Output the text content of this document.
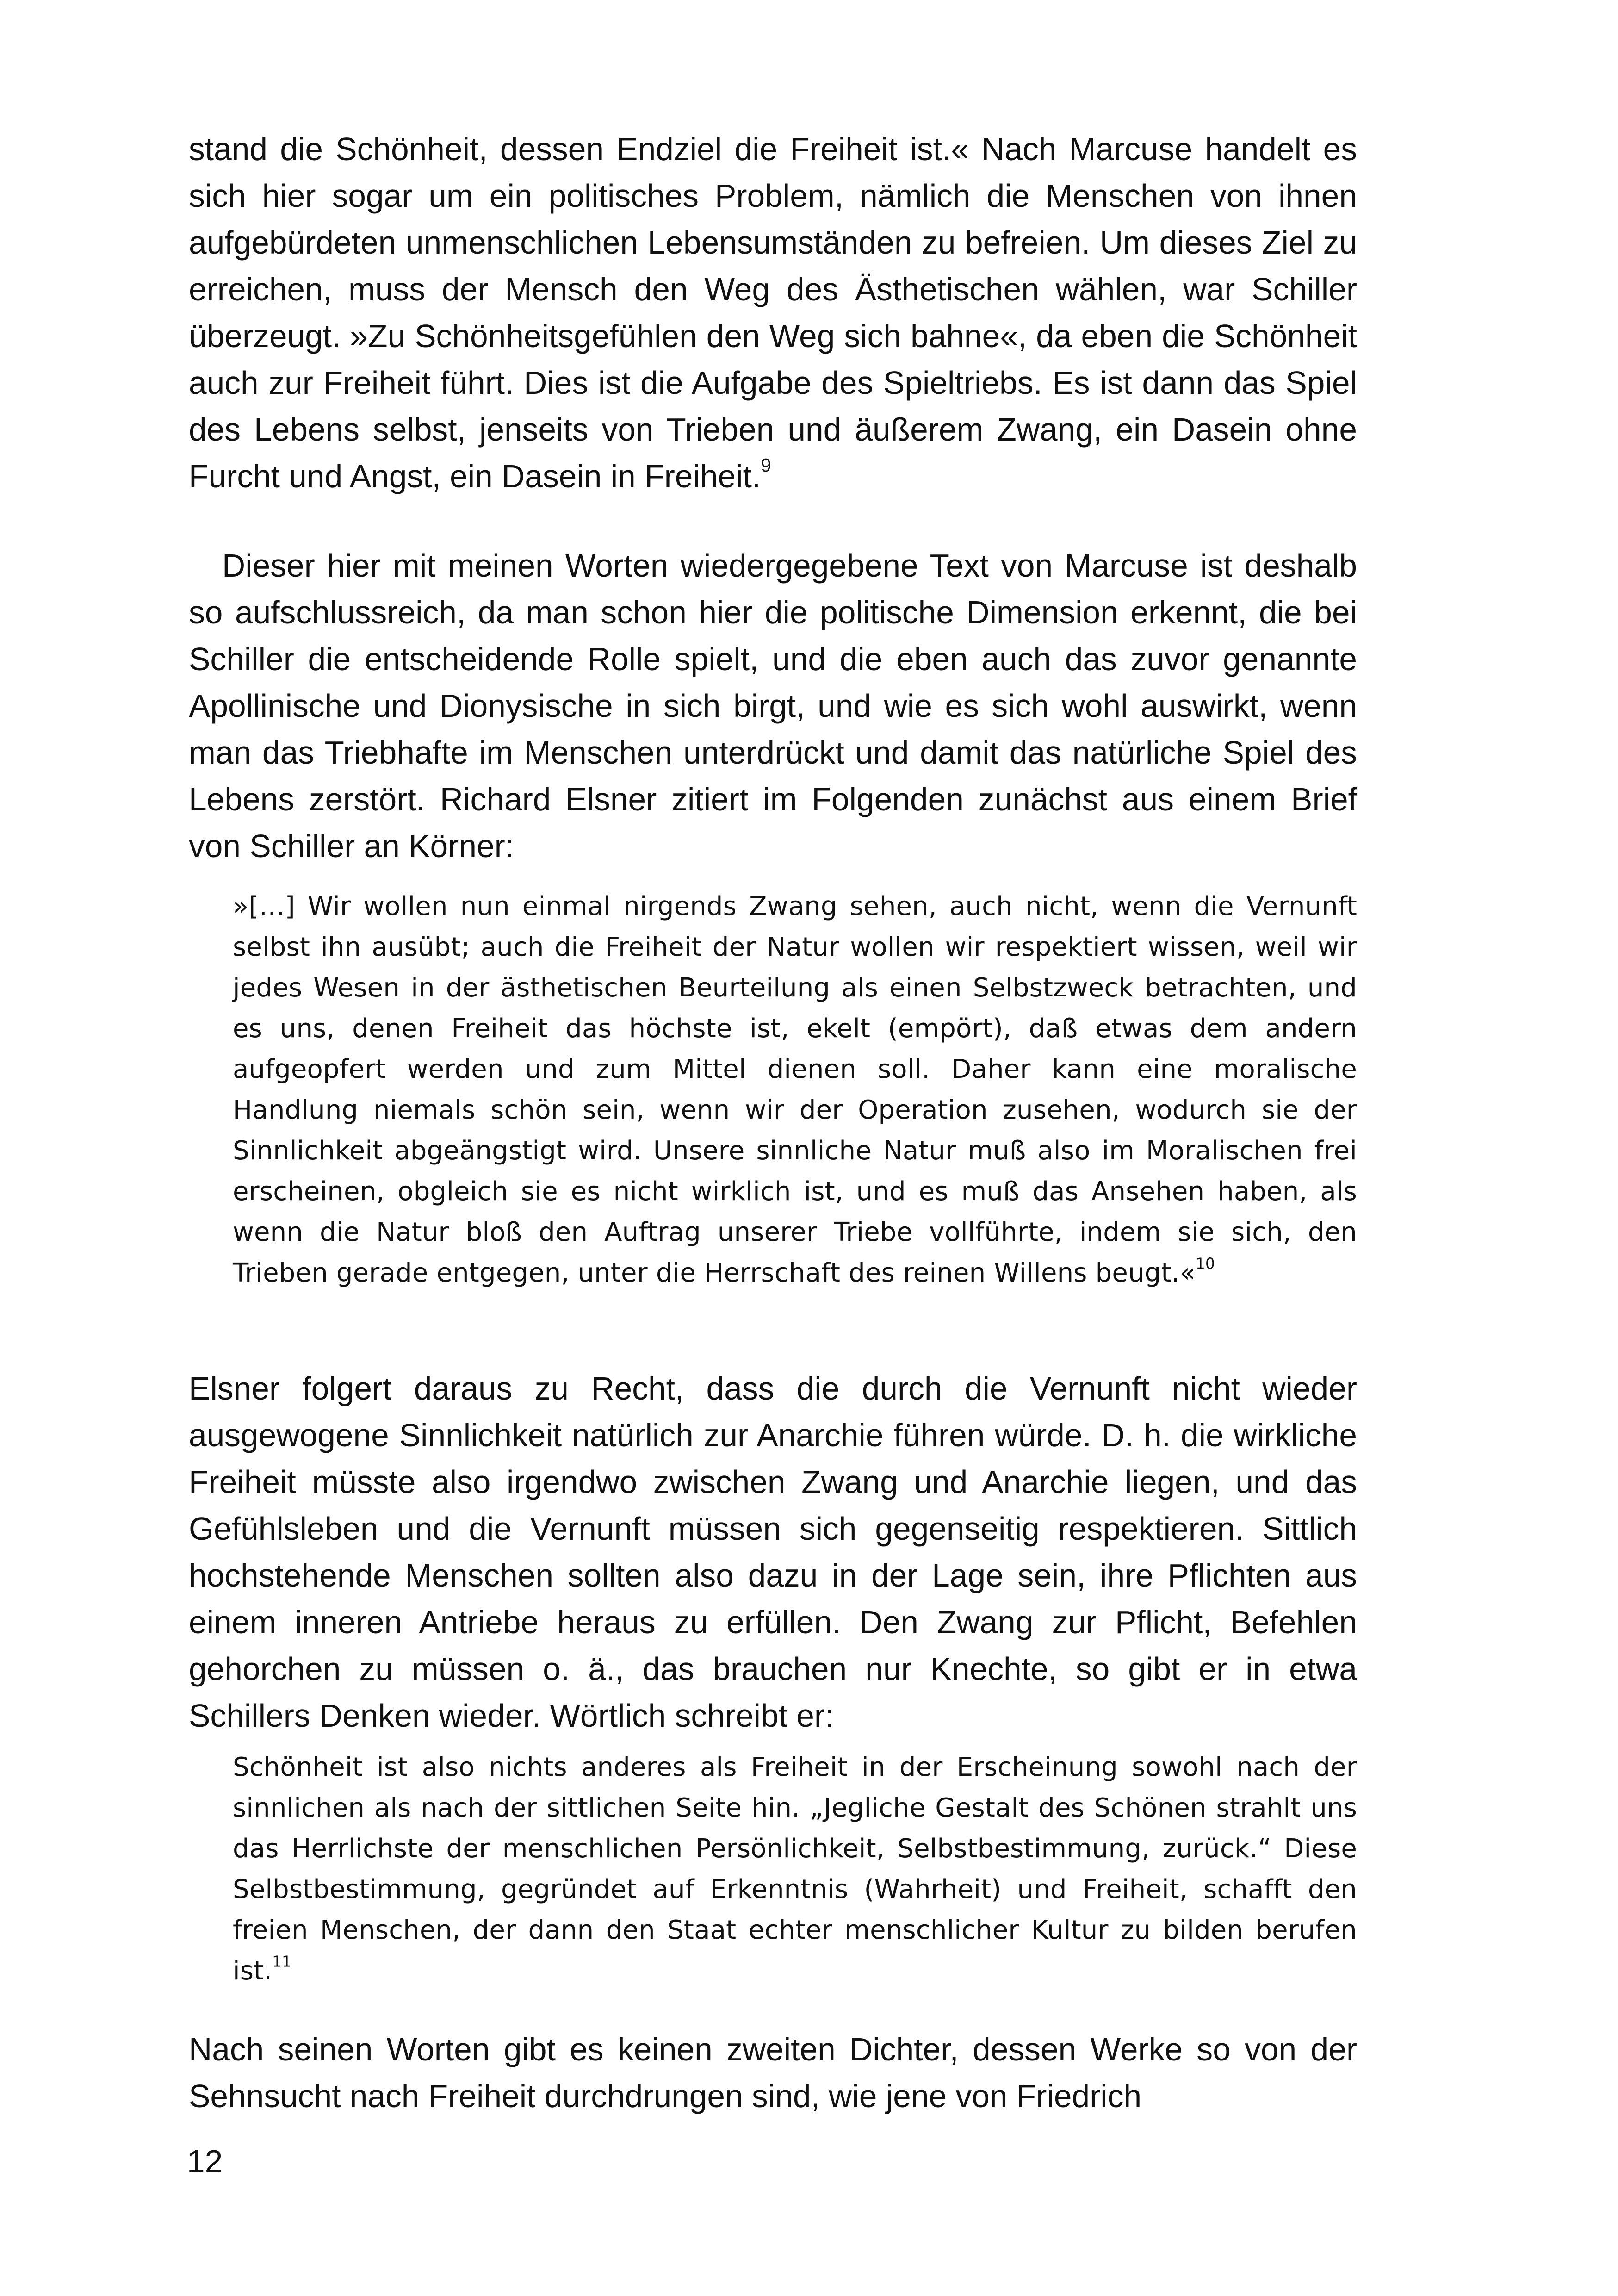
stand die Schönheit, dessen Endziel die Freiheit ist.« Nach Marcuse handelt es sich hier sogar um ein politisches Problem, nämlich die Menschen von ihnen aufgebürdeten unmenschlichen Lebensumständen zu befreien. Um dieses Ziel zu erreichen, muss der Mensch den Weg des Ästhetischen wählen, war Schiller überzeugt. »Zu Schönheitsgefühlen den Weg sich bahne«, da eben die Schönheit auch zur Freiheit führt. Dies ist die Aufgabe des Spieltriebs. Es ist dann das Spiel des Lebens selbst, jenseits von Trieben und äußerem Zwang, ein Dasein ohne Furcht und Angst, ein Dasein in Freiheit.$^9$

Dieser hier mit meinen Worten wiedergegebene Text von Marcuse ist deshalb so aufschlussreich, da man schon hier die politische Dimension erkennt, die bei Schiller die entscheidende Rolle spielt, und die eben auch das zuvor genannte Apollinische und Dionysische in sich birgt, und wie es sich wohl auswirkt, wenn man das Triebhafte im Menschen unterdrückt und damit das natürliche Spiel des Lebens zerstört. Richard Elsner zitiert im Folgenden zunächst aus einem Brief von Schiller an Körner:

»[…] Wir wollen nun einmal nirgends Zwang sehen, auch nicht, wenn die Vernunft selbst ihn ausübt; auch die Freiheit der Natur wollen wir respektiert wissen, weil wir jedes Wesen in der ästhetischen Beurteilung als einen Selbstzweck betrachten, und es uns, denen Freiheit das höchste ist, ekelt (empört), daß etwas dem andern aufgeopfert werden und zum Mittel dienen soll. Daher kann eine moralische Handlung niemals schön sein, wenn wir der Operation zusehen, wodurch sie der Sinnlichkeit abgeängstigt wird. Unsere sinnliche Natur muß also im Moralischen frei erscheinen, obgleich sie es nicht wirklich ist, und es muß das Ansehen haben, als wenn die Natur bloß den Auftrag unserer Triebe vollführte, indem sie sich, den Trieben gerade entgegen, unter die Herrschaft des reinen Willens beugt.«$^{10}$

Elsner folgert daraus zu Recht, dass die durch die Vernunft nicht wieder ausgewogene Sinnlichkeit natürlich zur Anarchie führen würde. D. h. die wirkliche Freiheit müsste also irgendwo zwischen Zwang und Anarchie liegen, und das Gefühlsleben und die Vernunft müssen sich gegenseitig respektieren. Sittlich hochstehende Menschen sollten also dazu in der Lage sein, ihre Pflichten aus einem inneren Antriebe heraus zu erfüllen. Den Zwang zur Pflicht, Befehlen gehorchen zu müssen o. ä., das brauchen nur Knechte, so gibt er in etwa Schillers Denken wieder. Wörtlich schreibt er:

Schönheit ist also nichts anderes als Freiheit in der Erscheinung sowohl nach der sinnlichen als nach der sittlichen Seite hin. „Jegliche Gestalt des Schönen strahlt uns das Herrlichste der menschlichen Persönlichkeit, Selbstbestimmung, zurück.“ Diese Selbstbestimmung, gegründet auf Erkenntnis (Wahrheit) und Freiheit, schafft den freien Menschen, der dann den Staat echter menschlicher Kultur zu bilden berufen ist.$^{11}$

Nach seinen Worten gibt es keinen zweiten Dichter, dessen Werke so von der Sehnsucht nach Freiheit durchdrungen sind, wie jene von Friedrich

12
